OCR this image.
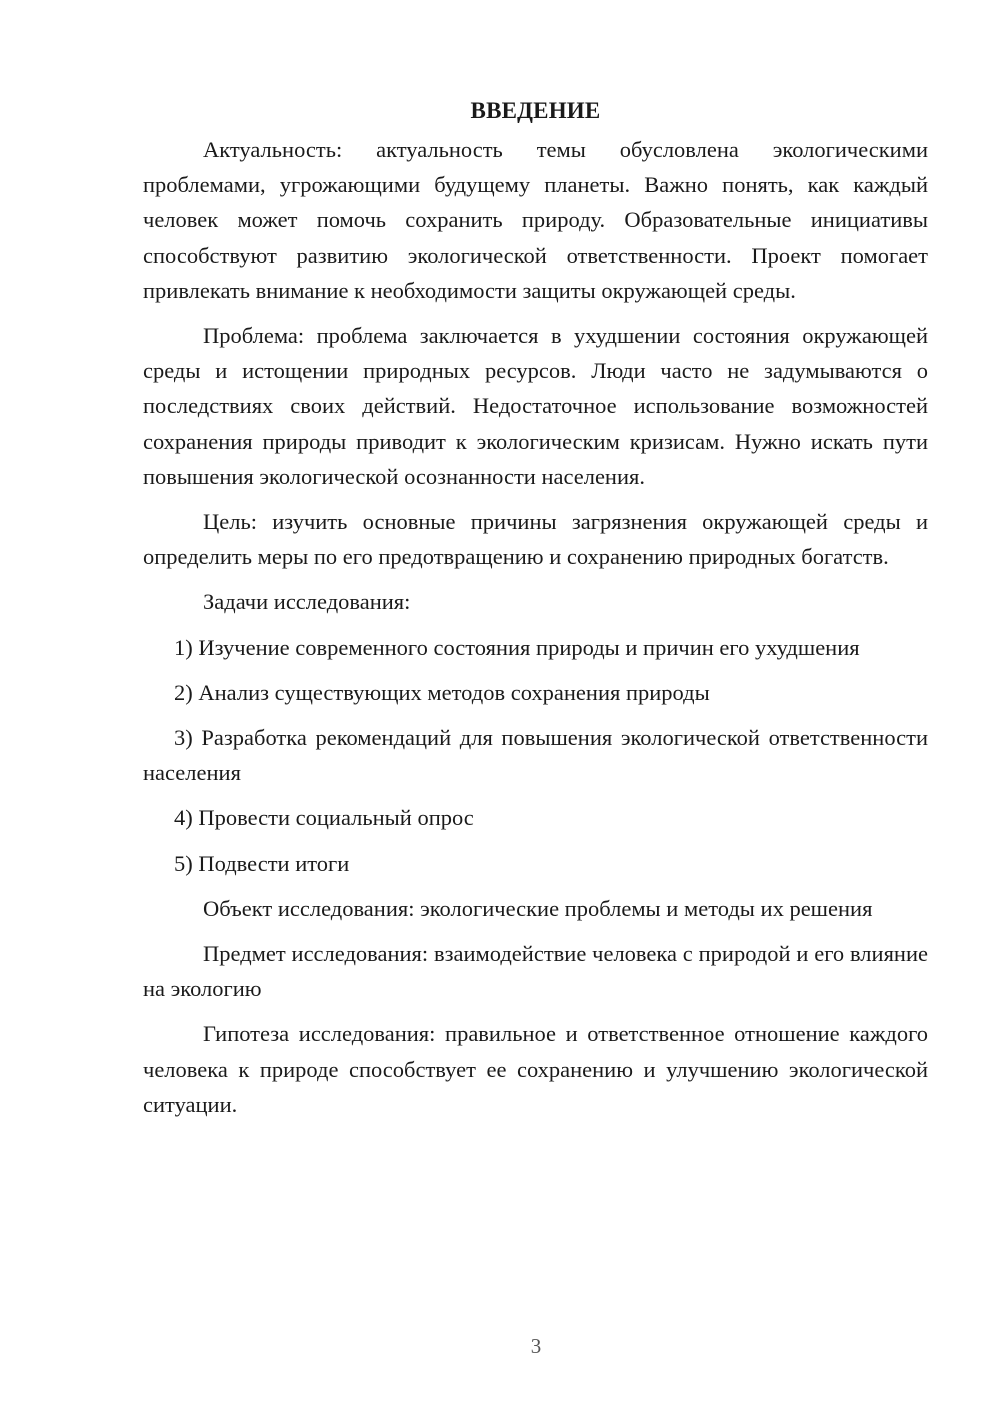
ВВЕДЕНИЕ

Актуальность: актуальность темы обусловлена экологическими проблемами, угрожающими будущему планеты. Важно понять, как каждый человек может помочь сохранить природу. Образовательные инициативы способствуют развитию экологической ответственности. Проект помогает привлекать внимание к необходимости защиты окружающей среды.

Проблема: проблема заключается в ухудшении состояния окружающей среды и истощении природных ресурсов. Люди часто не задумываются о последствиях своих действий. Недостаточное использование возможностей сохранения природы приводит к экологическим кризисам. Нужно искать пути повышения экологической осознанности населения.

Цель: изучить основные причины загрязнения окружающей среды и определить меры по его предотвращению и сохранению природных богатств.

Задачи исследования:

1) Изучение современного состояния природы и причин его ухудшения

2) Анализ существующих методов сохранения природы

3) Разработка рекомендаций для повышения экологической ответственности населения

4) Провести социальный опрос

5) Подвести итоги

Объект исследования: экологические проблемы и методы их решения

Предмет исследования: взаимодействие человека с природой и его влияние на экологию

Гипотеза исследования: правильное и ответственное отношение каждого человека к природе способствует ее сохранению и улучшению экологической ситуации.

3
